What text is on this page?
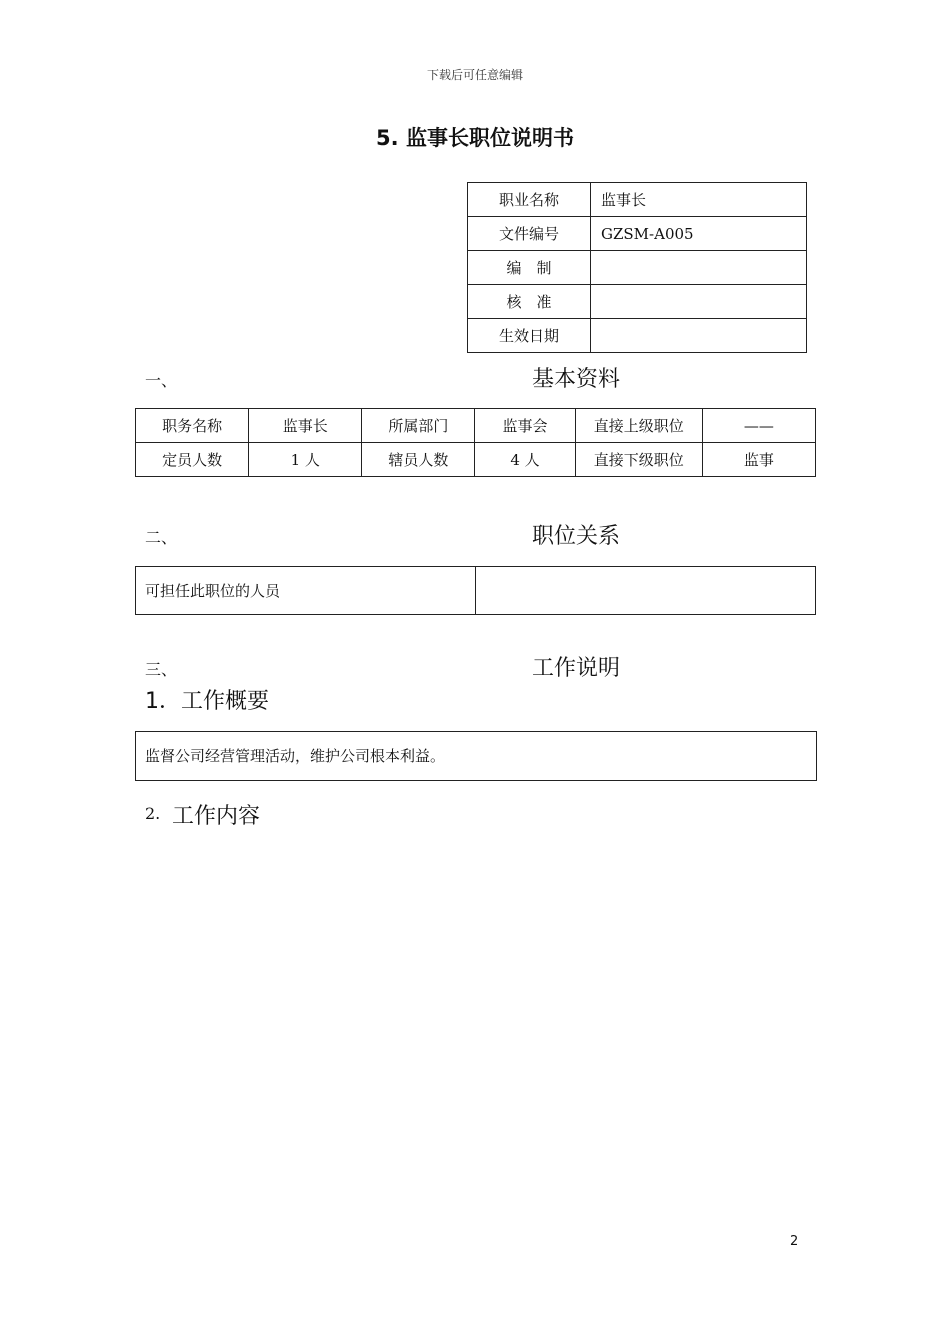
下载后可任意编辑
5. 监事长职位说明书
职业名称	监事长
文件编号	GZSM-A005
编　制	
核　准	
生效日期	
一、	基本资料
职务名称	监事长	所属部门	监事会	直接上级职位	——
定员人数	1 人	辖员人数	4 人	直接下级职位	监事
二、	职位关系
可担任此职位的人员	
三、	工作说明
1．工作概要
监督公司经营管理活动，维护公司根本利益。
2. 工作内容
2
